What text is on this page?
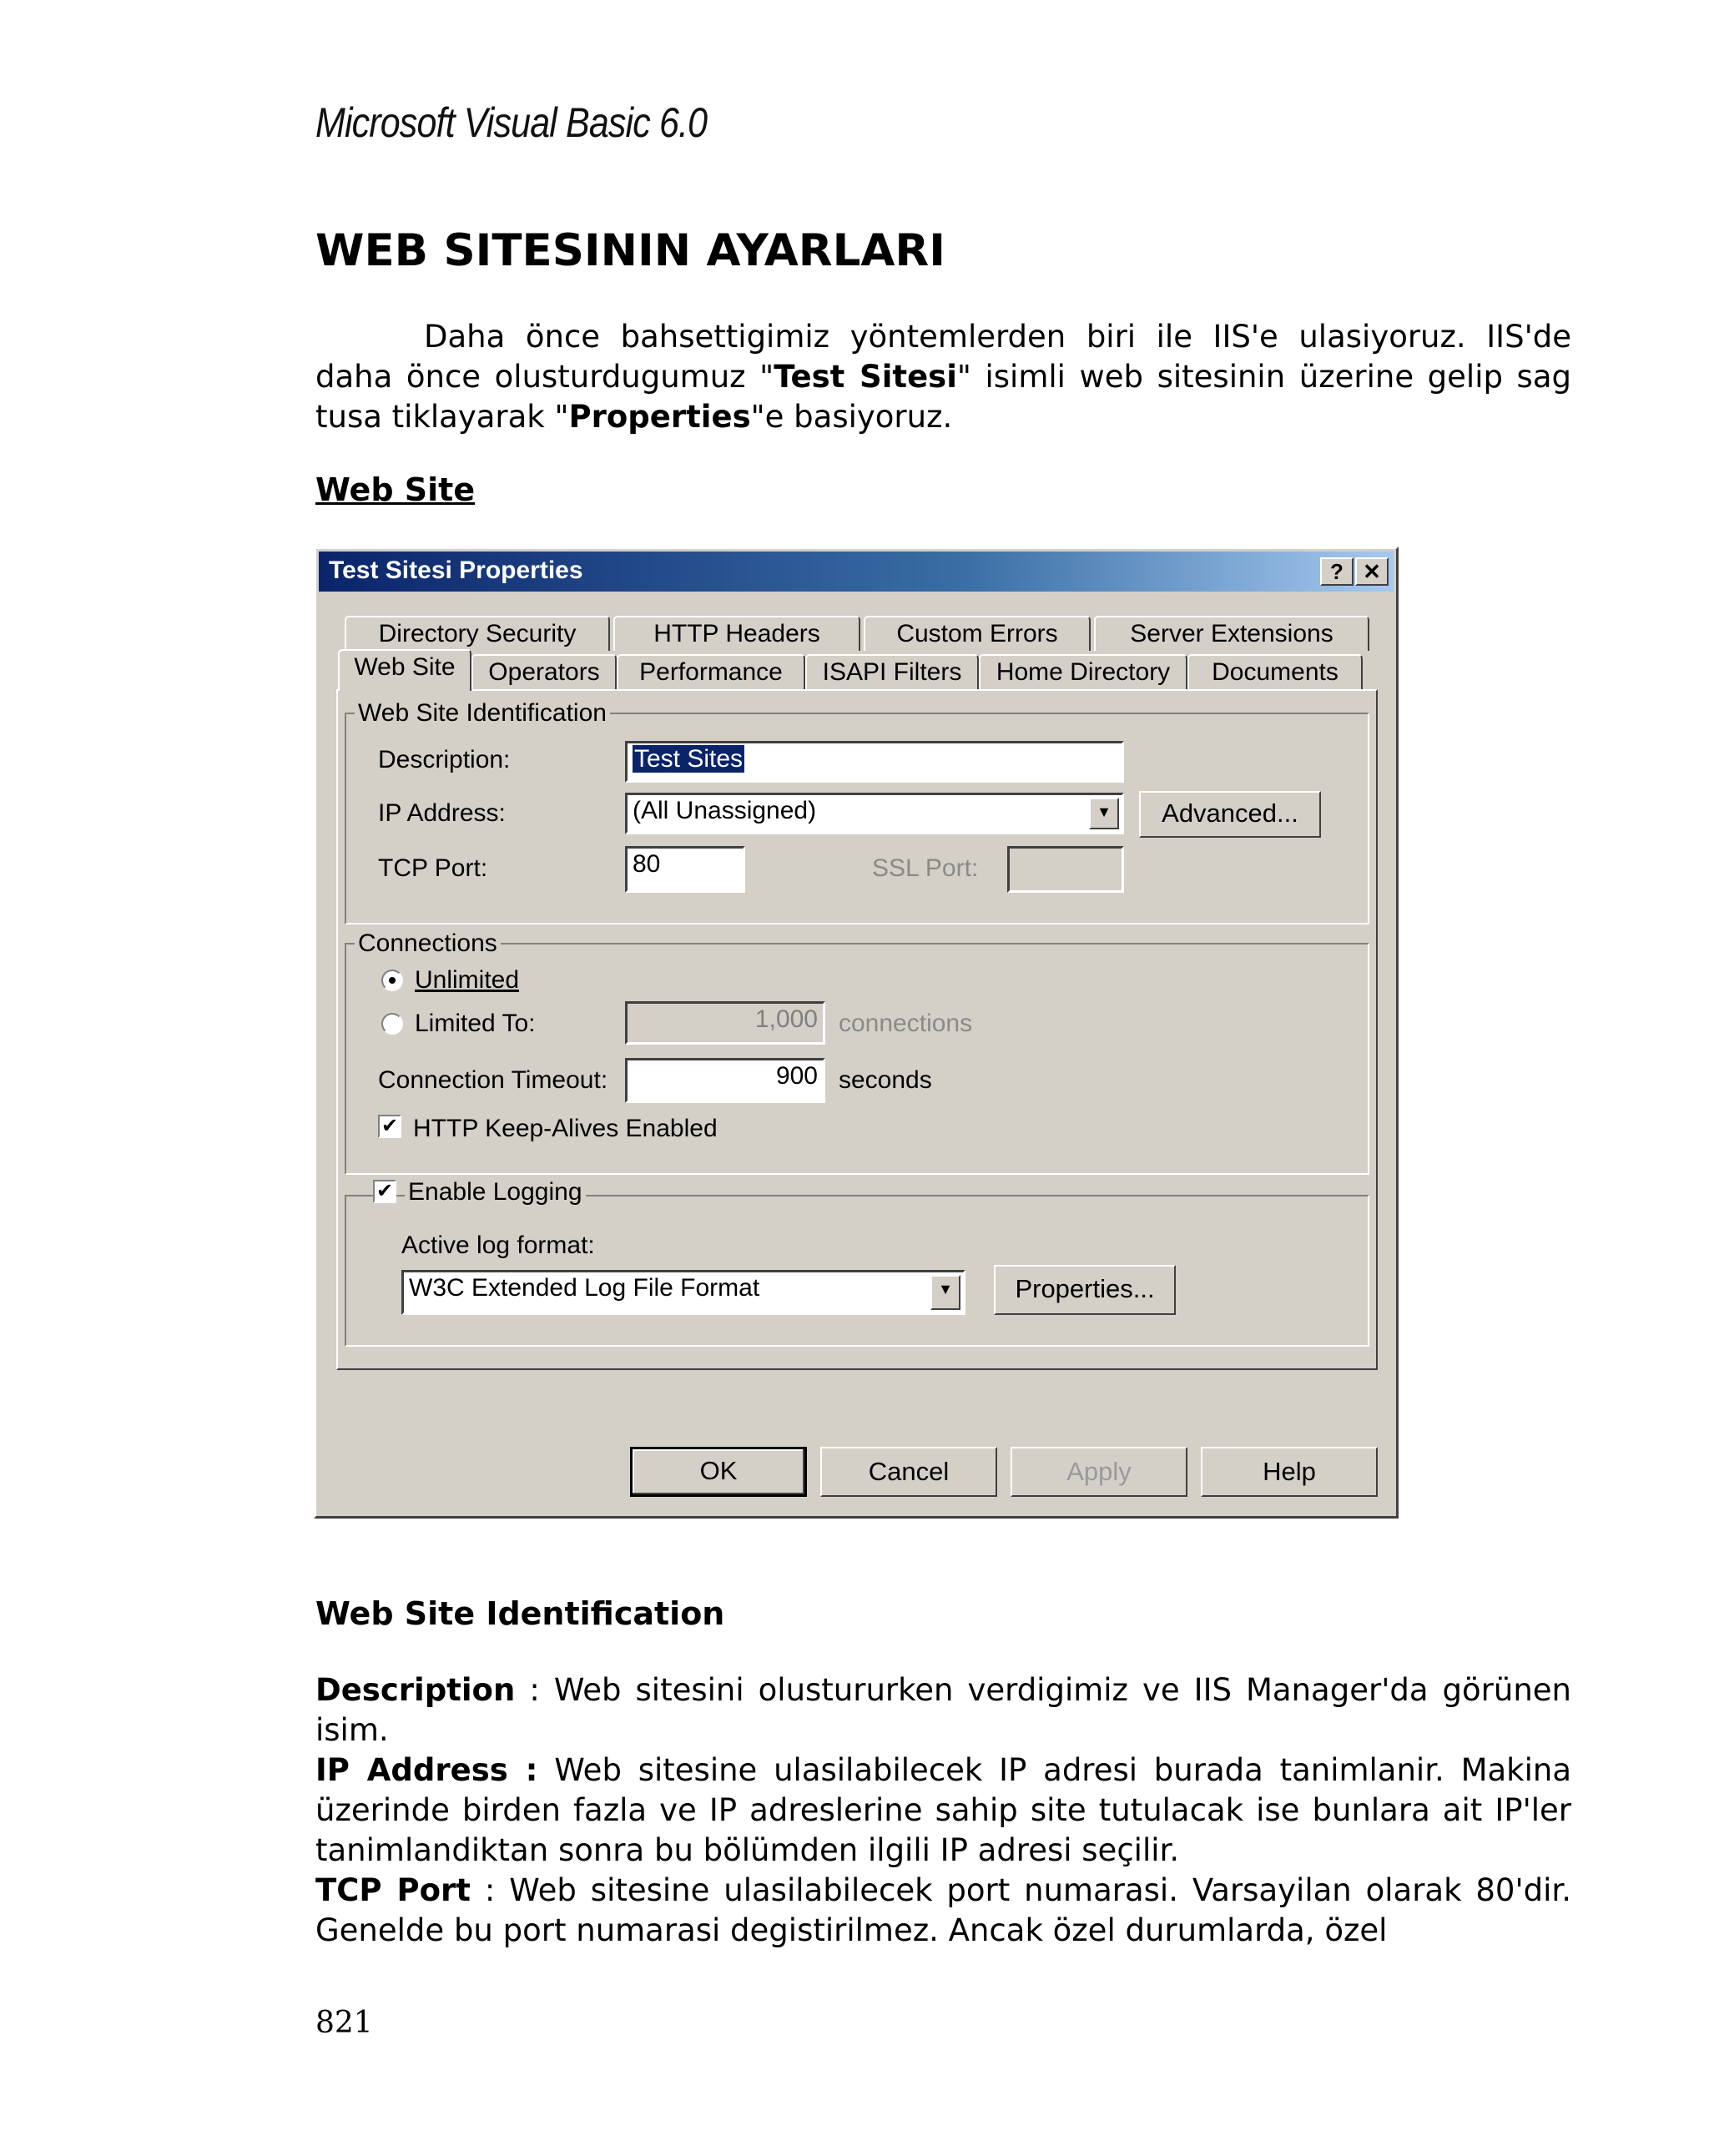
Microsoft Visual Basic 6.0
WEB SITESININ AYARLARI

Daha önce bahsettigimiz yöntemlerden biri ile IIS'e ulasiyoruz. IIS'de daha önce olusturdugumuz "Test Sitesi" isimli web sitesinin üzerine gelip sag tusa tiklayarak "Properties"e basiyoruz.

Web Site
Test Sitesi Properties	? ✕
Directory Security	HTTP Headers	Custom Errors	Server Extensions
Web Site	Operators	Performance	ISAPI Filters	Home Directory	Documents
Web Site Identification
Description:	Test Sites
IP Address:	(All Unassigned)	▼	Advanced...
TCP Port:	80	SSL Port:
Connections
Unlimited
Limited To:	1,000 connections
Connection Timeout:	900 seconds
✔ HTTP Keep-Alives Enabled
✔ Enable Logging
Active log format:
W3C Extended Log File Format	▼	Properties...
OK	Cancel	Apply	Help
Web Site Identification

Description : Web sitesini olustururken verdigimiz ve IIS Manager'da görünen isim.

IP Address : Web sitesine ulasilabilecek IP adresi burada tanimlanir. Makina üzerinde birden fazla ve IP adreslerine sahip site tutulacak ise bunlara ait IP'ler tanimlandiktan sonra bu bölümden ilgili IP adresi seçilir.

TCP Port : Web sitesine ulasilabilecek port numarasi. Varsayilan olarak 80'dir. Genelde bu port numarasi degistirilmez. Ancak özel durumlarda, özel

821
